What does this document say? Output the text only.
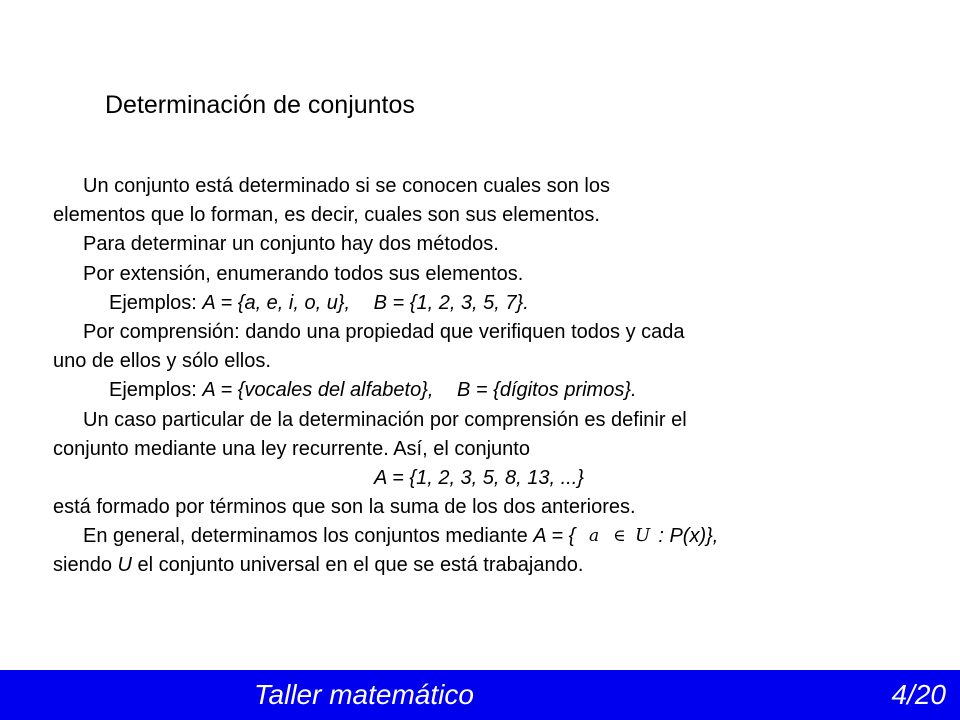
Determinación de conjuntos
Un conjunto está determinado si se conocen cuales son los
elementos que lo forman, es decir, cuales son sus elementos.
Para determinar un conjunto hay dos métodos.
Por extensión, enumerando todos sus elementos.
Ejemplos: A = {a, e, i, o, u}, B = {1, 2, 3, 5, 7}.
Por comprensión: dando una propiedad que verifiquen todos y cada
uno de ellos y sólo ellos.
Ejemplos: A = {vocales del alfabeto}, B = {dígitos primos}.
Un caso particular de la determinación por comprensión es definir el
conjunto mediante una ley recurrente. Así, el conjunto
A = {1, 2, 3, 5, 8, 13, ...}
está formado por términos que son la suma de los dos anteriores.
En general, determinamos los conjuntos mediante A = { a ∈ U : P(x)},
siendo U el conjunto universal en el que se está trabajando.
Taller matemático	4/20
